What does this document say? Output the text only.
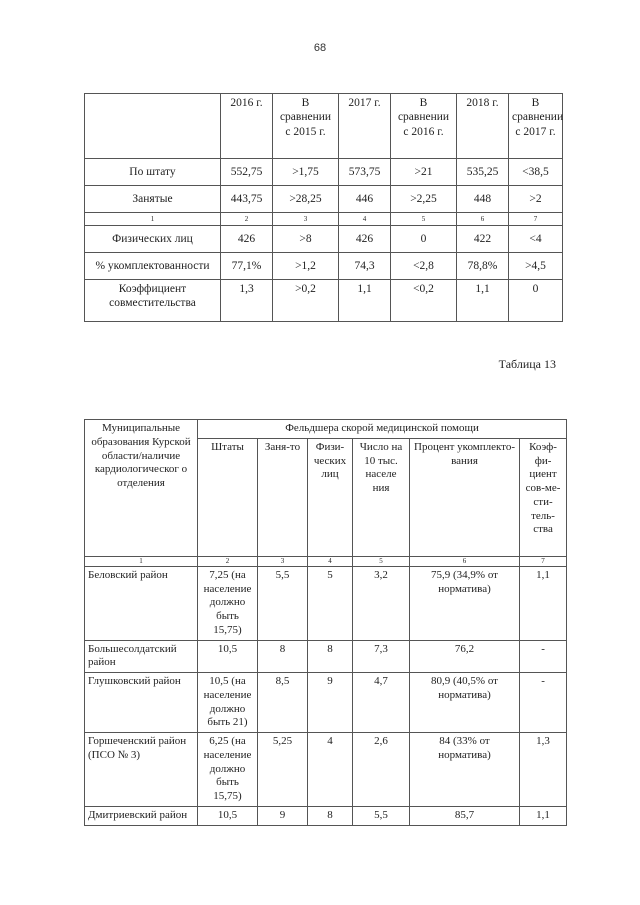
68
	2016 г.	В сравнении с 2015 г.	2017 г.	В сравнении с 2016 г.	2018 г.	В сравнении с 2017 г.
По штату	552,75	>1,75	573,75	>21	535,25	<38,5
Занятые	443,75	>28,25	446	>2,25	448	>2
1	2	3	4	5	6	7
Физических лиц	426	>8	426	0	422	<4
% укомплектованности	77,1%	>1,2	74,3	<2,8	78,8%	>4,5
Коэффициент совместительства	1,3	>0,2	1,1	<0,2	1,1	0
Таблица 13
Муниципальные образования Курской области/наличие кардиологическог о отделения	Фельдшера скорой медицинской помощи					
	Штаты	Заня-то	Физи-ческих лиц	Число на 10 тыс. населе ния	Процент укомплекто-вания	Коэф-фи-циент сов-ме-сти-тель-ства
1	2	3	4	5	6	7
Беловский район	7,25 (на население должно быть 15,75)	5,5	5	3,2	75,9 (34,9% от норматива)	1,1
Большесолдатский район	10,5	8	8	7,3	76,2	-
Глушковский район	10,5 (на население должно быть 21)	8,5	9	4,7	80,9 (40,5% от норматива)	-
Горшеченский район (ПСО № 3)	6,25 (на население должно быть 15,75)	5,25	4	2,6	84 (33% от норматива)	1,3
Дмитриевский район	10,5	9	8	5,5	85,7	1,1
